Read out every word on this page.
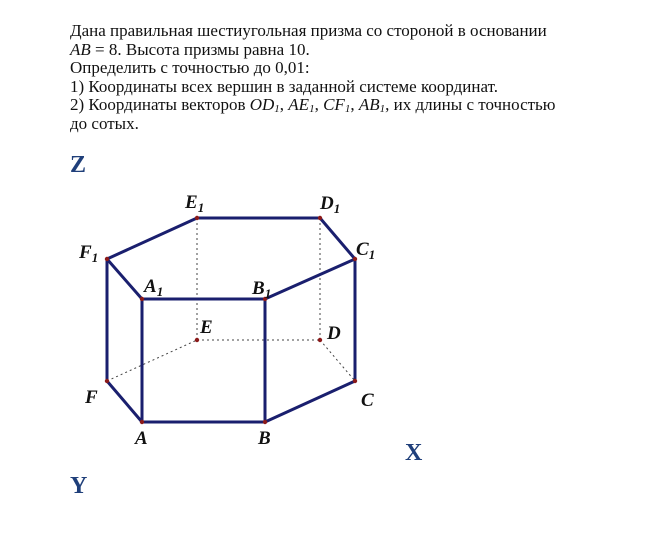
Дана правильная шестиугольная призма со стороной в основании
AB = 8. Высота призмы равна 10.
Определить с точностью до 0,01:
1) Координаты всех вершин в заданной системе координат.
2) Координаты векторов $OD_1$, $AE_1$, $CF_1$, $AB_1$, их длины с точностью
до сотых.
A	B
C
D
E
F
$A_1$	$B_1$
$C_1$
$D_1$
$E_1$
$F_1$
Z
X
Y
